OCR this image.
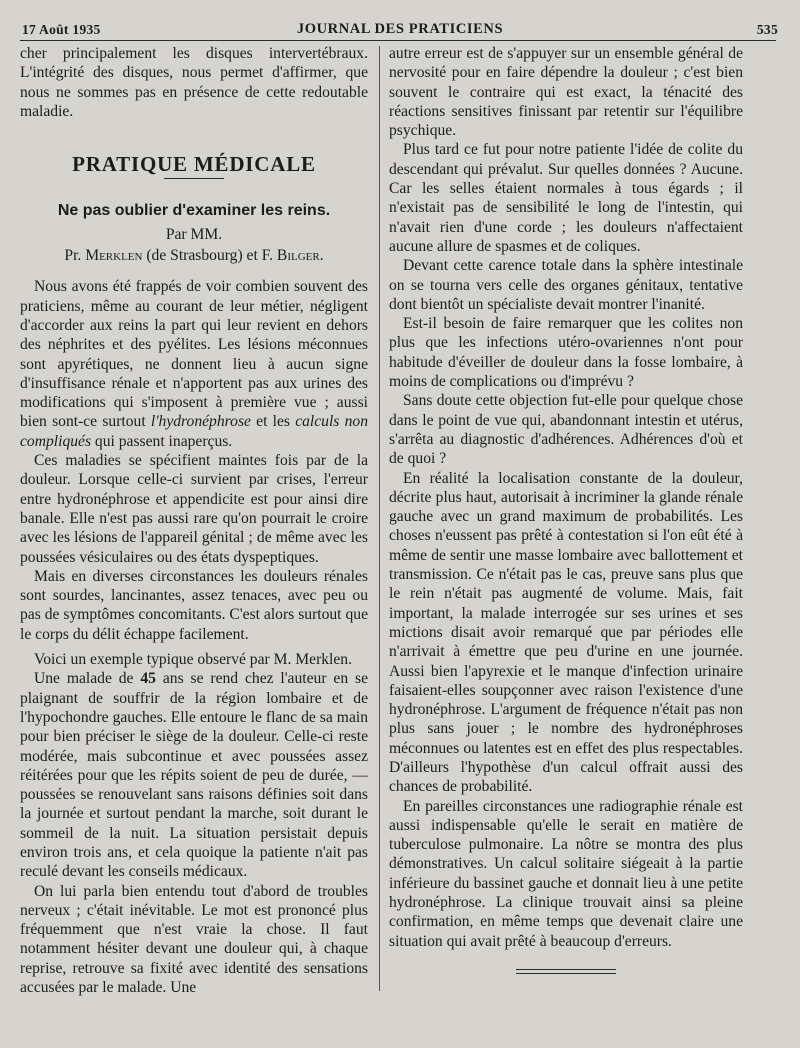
17 Août 1935	JOURNAL DES PRATICIENS	535

cher principalement les disques intervertébraux. L'intégrité des disques, nous permet d'affirmer, que nous ne sommes pas en présence de cette redoutable maladie.

PRATIQUE MÉDICALE
Ne pas oublier d'examiner les reins.
Par MM.
Pr. Merklen (de Strasbourg) et F. Bilger.

Nous avons été frappés de voir combien souvent des praticiens, même au courant de leur métier, négligent d'accorder aux reins la part qui leur revient en dehors des néphrites et des pyélites. Les lésions méconnues sont apyrétiques, ne donnent lieu à aucun signe d'insuffisance rénale et n'apportent pas aux urines des modifications qui s'imposent à première vue ; aussi bien sont-ce surtout l'hydronéphrose et les calculs non compliqués qui passent inaperçus.

Ces maladies se spécifient maintes fois par de la douleur. Lorsque celle-ci survient par crises, l'erreur entre hydronéphrose et appendicite est pour ainsi dire banale. Elle n'est pas aussi rare qu'on pourrait le croire avec les lésions de l'appareil génital ; de même avec les poussées vésiculaires ou des états dyspeptiques.

Mais en diverses circonstances les douleurs rénales sont sourdes, lancinantes, assez tenaces, avec peu ou pas de symptômes concomitants. C'est alors surtout que le corps du délit échappe facilement.

Voici un exemple typique observé par M. Merklen.

Une malade de 45 ans se rend chez l'auteur en se plaignant de souffrir de la région lombaire et de l'hypochondre gauches. Elle entoure le flanc de sa main pour bien préciser le siège de la douleur. Celle-ci reste modérée, mais subcontinue et avec poussées assez réitérées pour que les répits soient de peu de durée, — poussées se renouvelant sans raisons définies soit dans la journée et surtout pendant la marche, soit durant le sommeil de la nuit. La situation persistait depuis environ trois ans, et cela quoique la patiente n'ait pas reculé devant les conseils médicaux.

On lui parla bien entendu tout d'abord de troubles nerveux ; c'était inévitable. Le mot est prononcé plus fréquemment que n'est vraie la chose. Il faut notamment hésiter devant une douleur qui, à chaque reprise, retrouve sa fixité avec identité des sensations accusées par le malade. Une

autre erreur est de s'appuyer sur un ensemble général de nervosité pour en faire dépendre la douleur ; c'est bien souvent le contraire qui est exact, la ténacité des réactions sensitives finissant par retentir sur l'équilibre psychique.

Plus tard ce fut pour notre patiente l'idée de colite du descendant qui prévalut. Sur quelles données ? Aucune. Car les selles étaient normales à tous égards ; il n'existait pas de sensibilité le long de l'intestin, qui n'avait rien d'une corde ; les douleurs n'affectaient aucune allure de spasmes et de coliques.

Devant cette carence totale dans la sphère intestinale on se tourna vers celle des organes génitaux, tentative dont bientôt un spécialiste devait montrer l'inanité.

Est-il besoin de faire remarquer que les colites non plus que les infections utéro-ovariennes n'ont pour habitude d'éveiller de douleur dans la fosse lombaire, à moins de complications ou d'imprévu ?

Sans doute cette objection fut-elle pour quelque chose dans le point de vue qui, abandonnant intestin et utérus, s'arrêta au diagnostic d'adhérences. Adhérences d'où et de quoi ?

En réalité la localisation constante de la douleur, décrite plus haut, autorisait à incriminer la glande rénale gauche avec un grand maximum de probabilités. Les choses n'eussent pas prêté à contestation si l'on eût été à même de sentir une masse lombaire avec ballottement et transmission. Ce n'était pas le cas, preuve sans plus que le rein n'était pas augmenté de volume. Mais, fait important, la malade interrogée sur ses urines et ses mictions disait avoir remarqué que par périodes elle n'arrivait à émettre que peu d'urine en une journée. Aussi bien l'apyrexie et le manque d'infection urinaire faisaient-elles soupçonner avec raison l'existence d'une hydronéphrose. L'argument de fréquence n'était pas non plus sans jouer ; le nombre des hydronéphroses méconnues ou latentes est en effet des plus respectables. D'ailleurs l'hypothèse d'un calcul offrait aussi des chances de probabilité.

En pareilles circonstances une radiographie rénale est aussi indispensable qu'elle le serait en matière de tuberculose pulmonaire. La nôtre se montra des plus démonstratives. Un calcul solitaire siégeait à la partie inférieure du bassinet gauche et donnait lieu à une petite hydronéphrose. La clinique trouvait ainsi sa pleine confirmation, en même temps que devenait claire une situation qui avait prêté à beaucoup d'erreurs.
